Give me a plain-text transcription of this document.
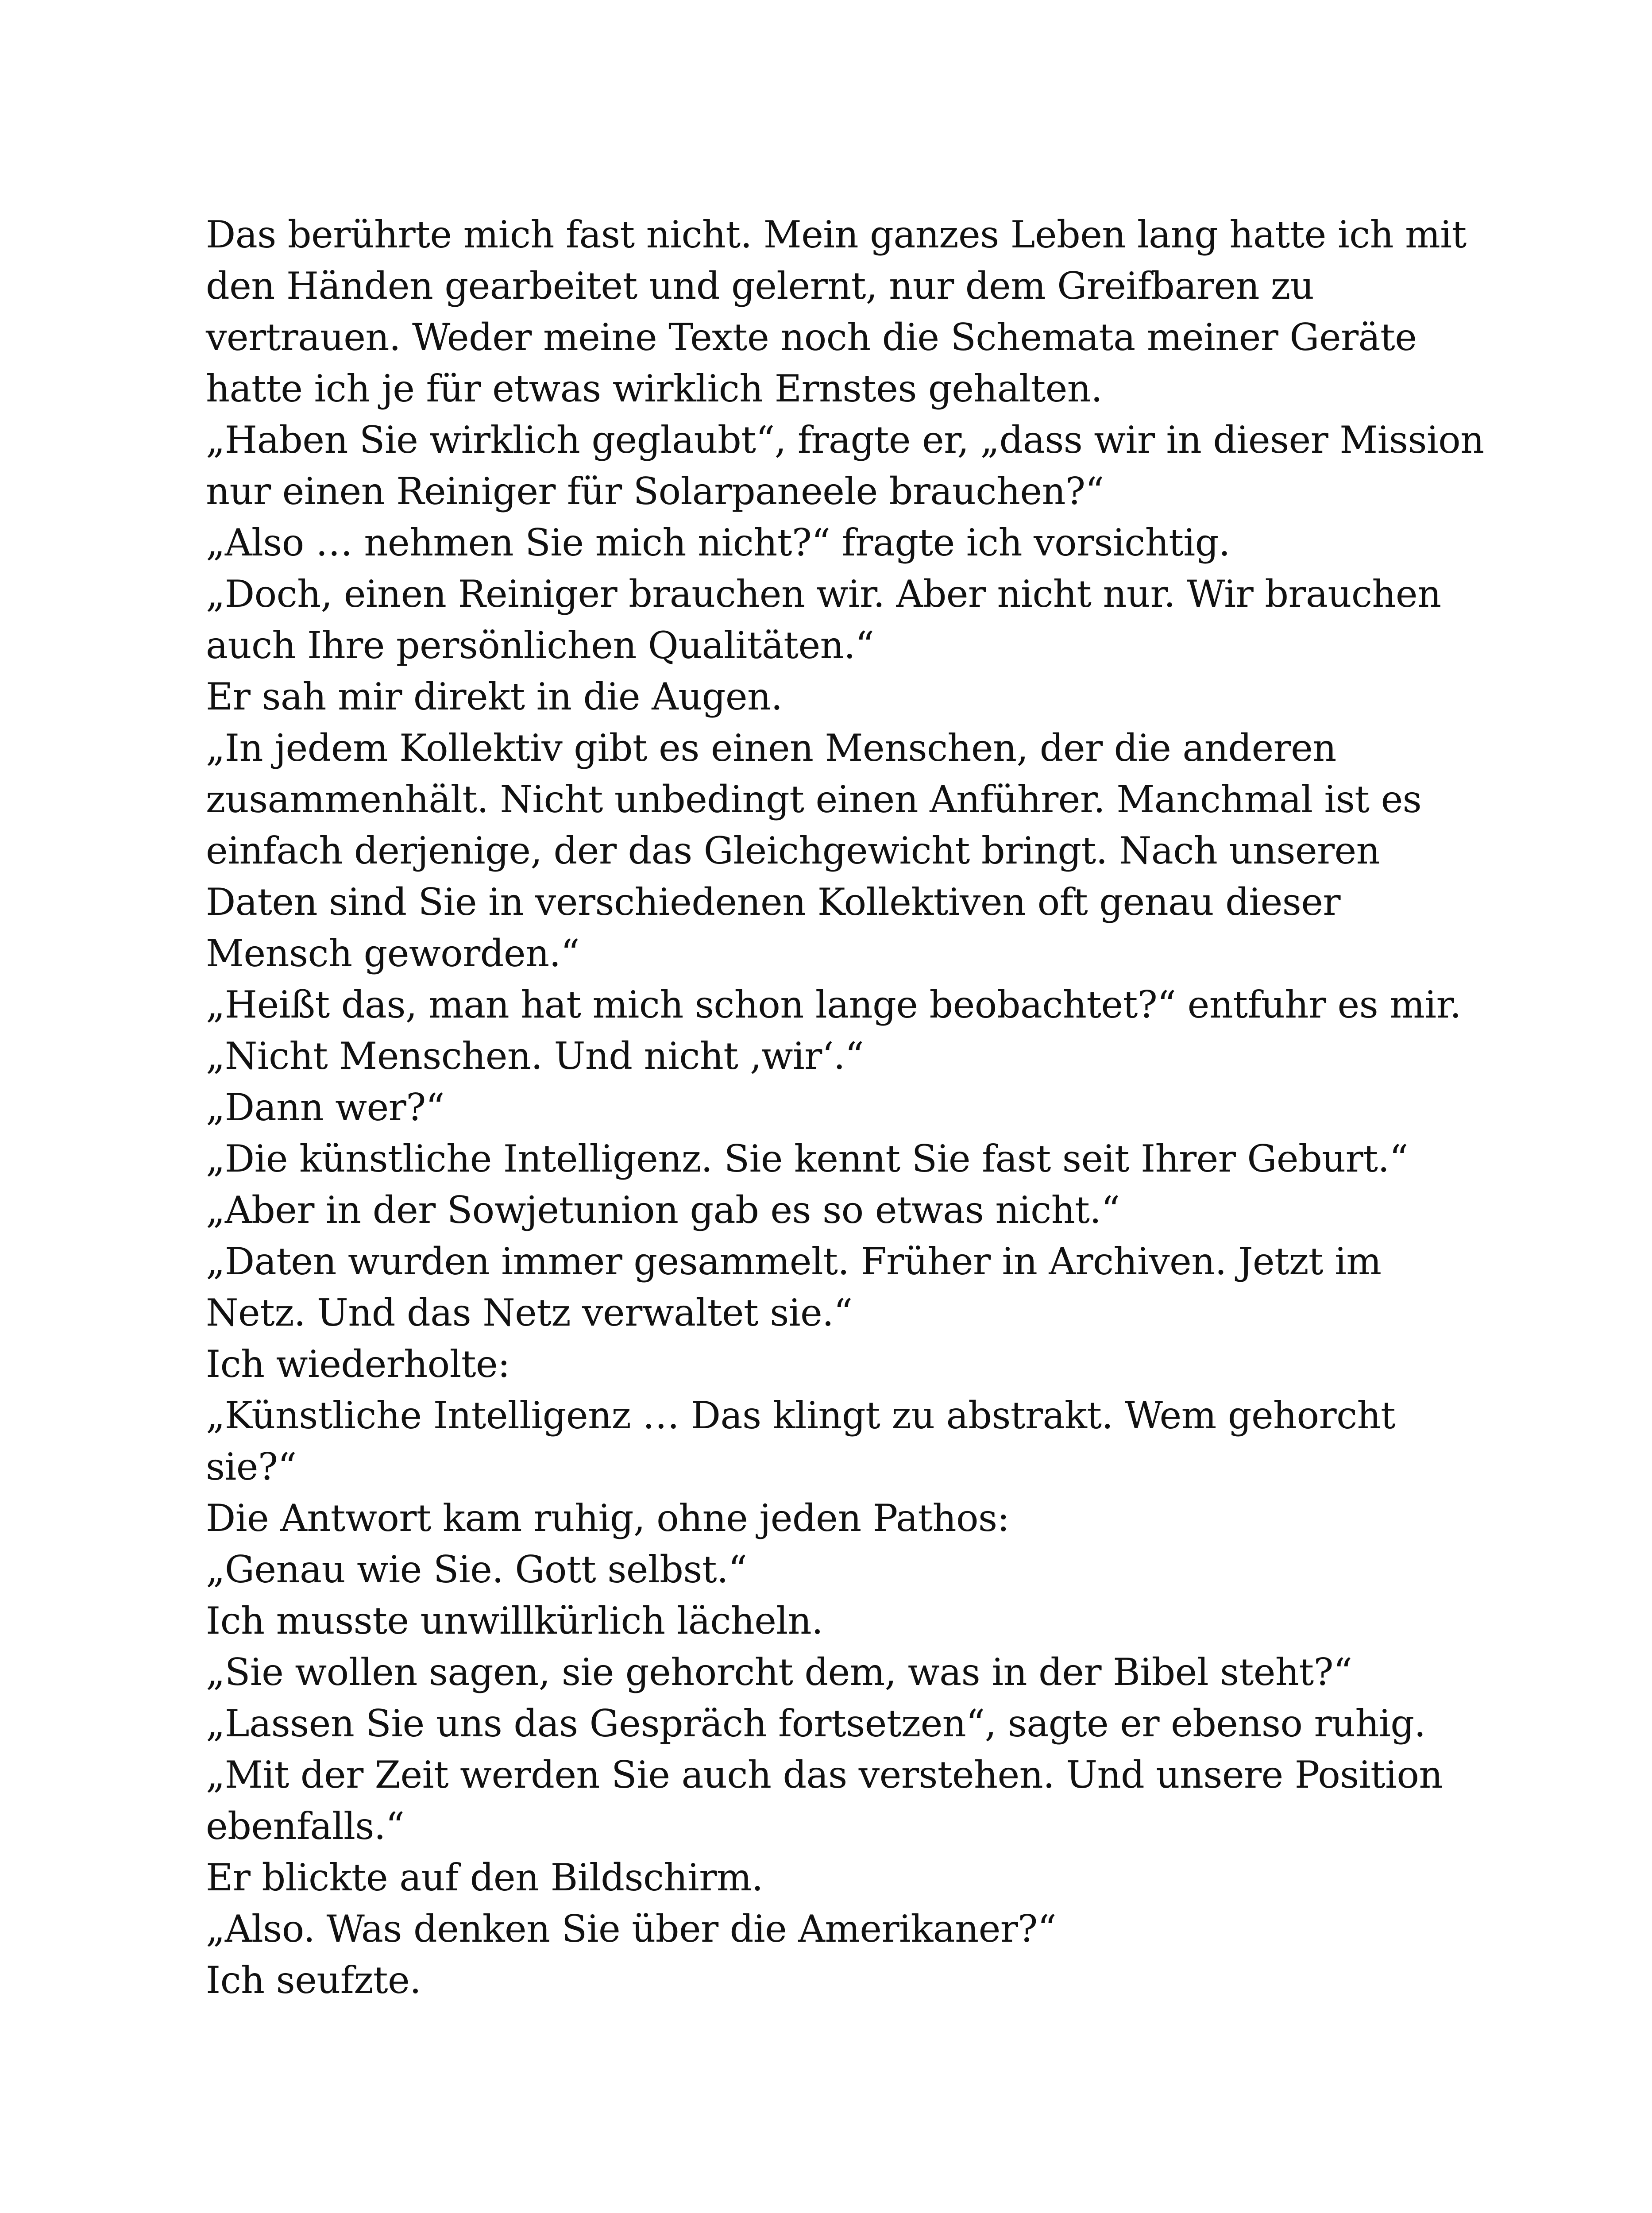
Das berührte mich fast nicht. Mein ganzes Leben lang hatte ich mit
den Händen gearbeitet und gelernt, nur dem Greifbaren zu
vertrauen. Weder meine Texte noch die Schemata meiner Geräte
hatte ich je für etwas wirklich Ernstes gehalten.
„Haben Sie wirklich geglaubt“, fragte er, „dass wir in dieser Mission
nur einen Reiniger für Solarpaneele brauchen?“
„Also … nehmen Sie mich nicht?“ fragte ich vorsichtig.
„Doch, einen Reiniger brauchen wir. Aber nicht nur. Wir brauchen
auch Ihre persönlichen Qualitäten.“
Er sah mir direkt in die Augen.
„In jedem Kollektiv gibt es einen Menschen, der die anderen
zusammenhält. Nicht unbedingt einen Anführer. Manchmal ist es
einfach derjenige, der das Gleichgewicht bringt. Nach unseren
Daten sind Sie in verschiedenen Kollektiven oft genau dieser
Mensch geworden.“
„Heißt das, man hat mich schon lange beobachtet?“ entfuhr es mir.
„Nicht Menschen. Und nicht ‚wir‘.“
„Dann wer?“
„Die künstliche Intelligenz. Sie kennt Sie fast seit Ihrer Geburt.“
„Aber in der Sowjetunion gab es so etwas nicht.“
„Daten wurden immer gesammelt. Früher in Archiven. Jetzt im
Netz. Und das Netz verwaltet sie.“
Ich wiederholte:
„Künstliche Intelligenz … Das klingt zu abstrakt. Wem gehorcht
sie?“
Die Antwort kam ruhig, ohne jeden Pathos:
„Genau wie Sie. Gott selbst.“
Ich musste unwillkürlich lächeln.
„Sie wollen sagen, sie gehorcht dem, was in der Bibel steht?“
„Lassen Sie uns das Gespräch fortsetzen“, sagte er ebenso ruhig.
„Mit der Zeit werden Sie auch das verstehen. Und unsere Position
ebenfalls.“
Er blickte auf den Bildschirm.
„Also. Was denken Sie über die Amerikaner?“
Ich seufzte.
